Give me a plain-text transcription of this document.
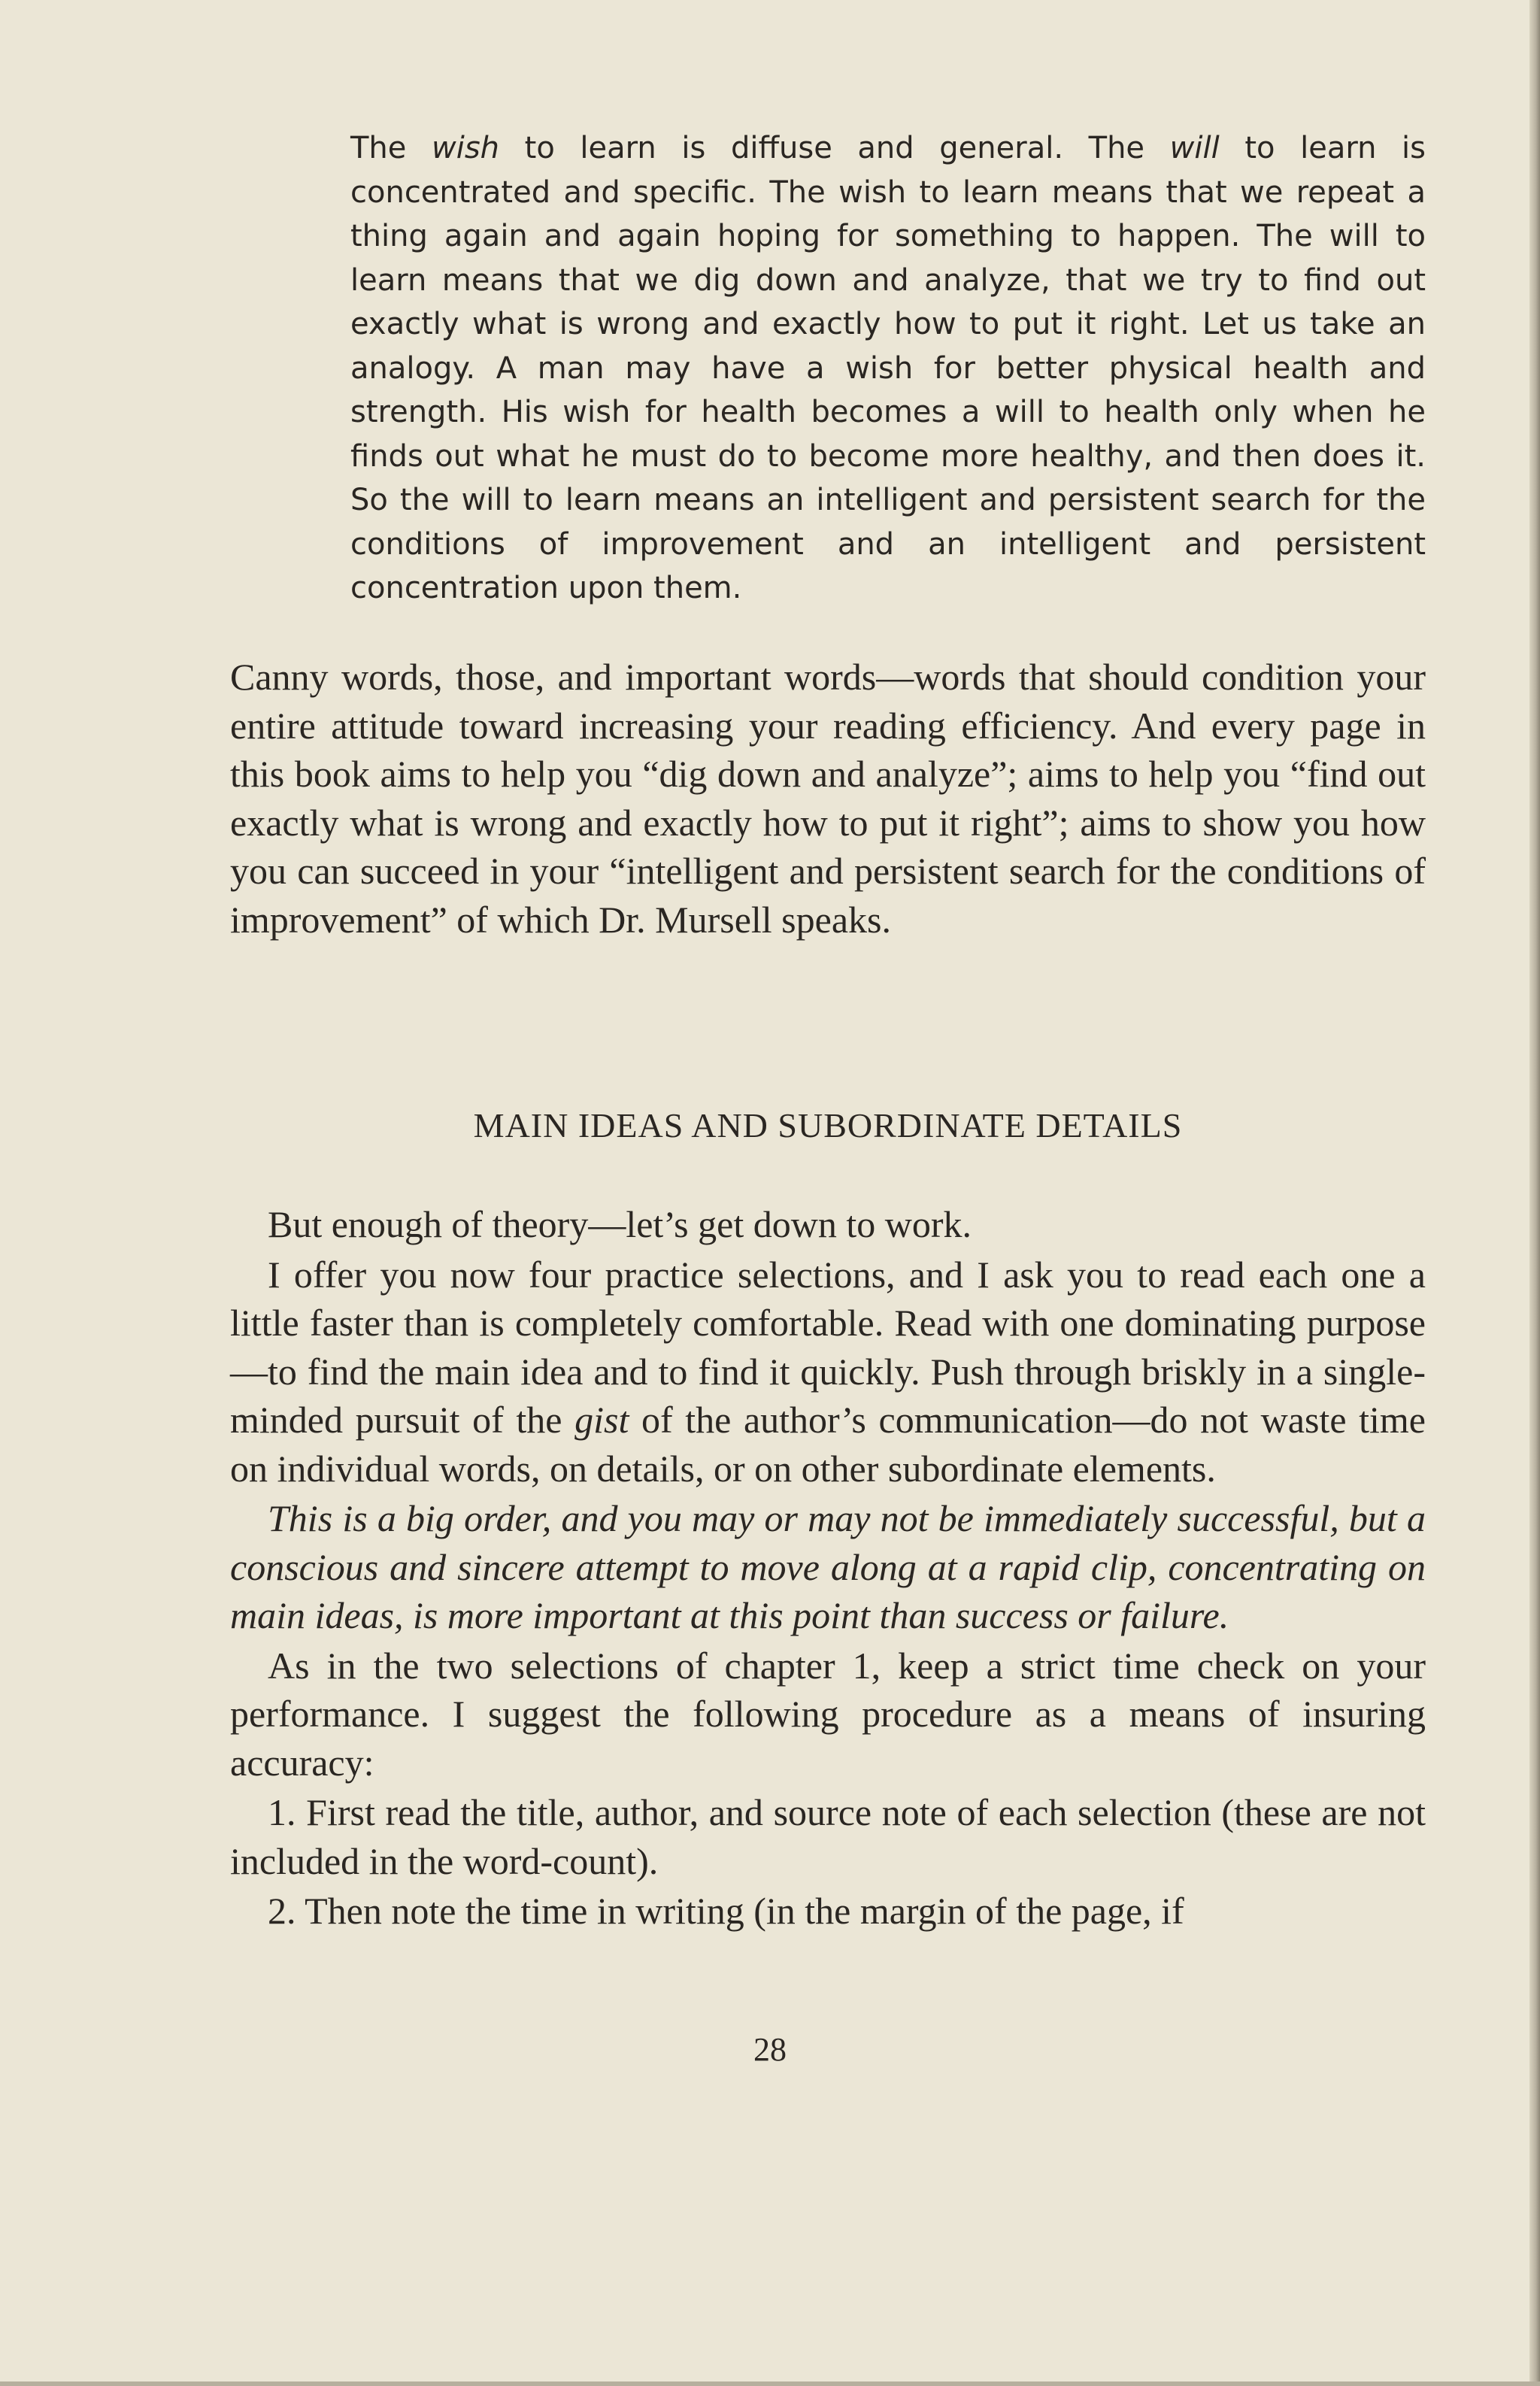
The wish to learn is diffuse and general. The will to learn is concentrated and specific. The wish to learn means that we repeat a thing again and again hoping for something to happen. The will to learn means that we dig down and analyze, that we try to find out exactly what is wrong and exactly how to put it right. Let us take an analogy. A man may have a wish for better physical health and strength. His wish for health becomes a will to health only when he finds out what he must do to become more healthy, and then does it. So the will to learn means an intelligent and persistent search for the conditions of improvement and an intelligent and persistent concentration upon them.

Canny words, those, and important words—words that should condition your entire attitude toward increasing your reading efficiency. And every page in this book aims to help you “dig down and analyze”; aims to help you “find out exactly what is wrong and exactly how to put it right”; aims to show you how you can succeed in your “intelligent and persistent search for the conditions of improvement” of which Dr. Mursell speaks.

MAIN IDEAS AND SUBORDINATE DETAILS

But enough of theory—let’s get down to work.

I offer you now four practice selections, and I ask you to read each one a little faster than is completely comfortable. Read with one dominating purpose—to find the main idea and to find it quickly. Push through briskly in a single-minded pursuit of the gist of the author’s communication—do not waste time on individual words, on details, or on other subordinate elements.

This is a big order, and you may or may not be immediately successful, but a conscious and sincere attempt to move along at a rapid clip, concentrating on main ideas, is more important at this point than success or failure.

As in the two selections of chapter 1, keep a strict time check on your performance. I suggest the following procedure as a means of insuring accuracy:

1. First read the title, author, and source note of each selection (these are not included in the word-count).

2. Then note the time in writing (in the margin of the page, if

28
